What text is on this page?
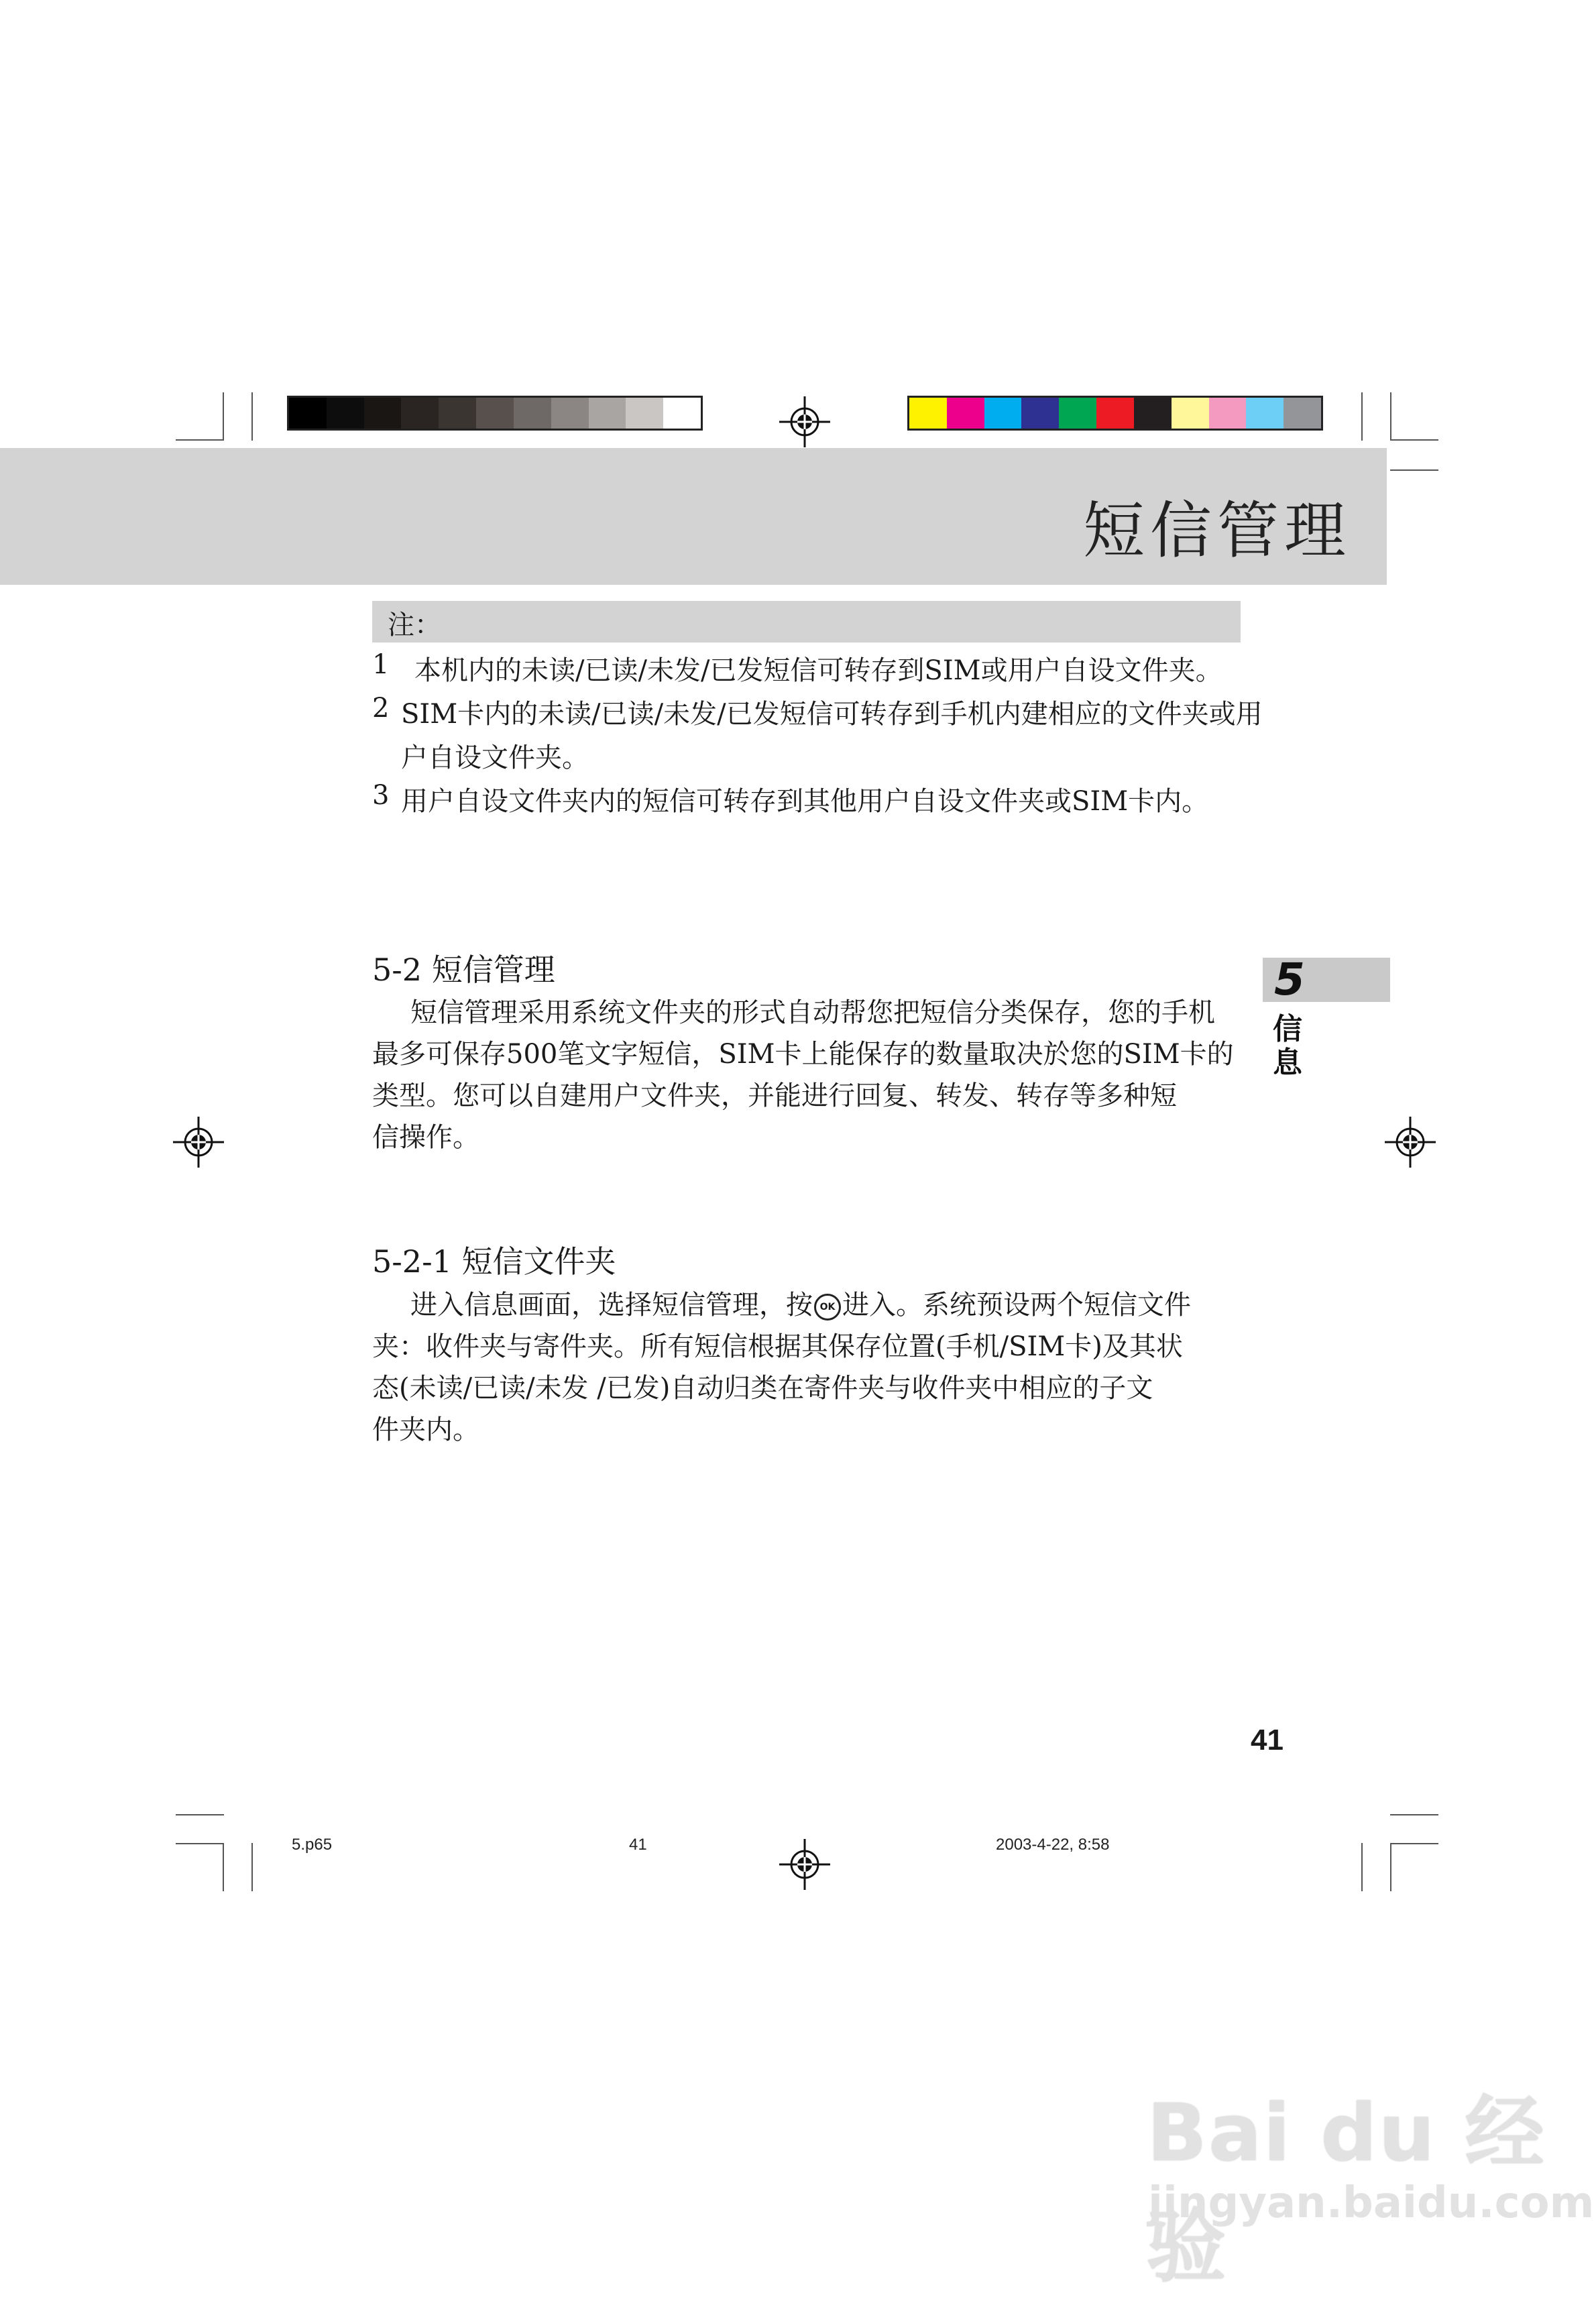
短信管理
注：
1 本机内的未读/已读/未发/已发短信可转存到SIM或用户自设文件夹。
2 SIM卡内的未读/已读/未发/已发短信可转存到手机内建相应的文件夹或用
户自设文件夹。
3 用户自设文件夹内的短信可转存到其他用户自设文件夹或SIM卡内。
5-2 短信管理
短信管理采用系统文件夹的形式自动帮您把短信分类保存，您的手机
最多可保存500笔文字短信，SIM卡上能保存的数量取决於您的SIM卡的
类型。您可以自建用户文件夹，并能进行回复、转发、转存等多种短
信操作。
5-2-1 短信文件夹
进入信息画面，选择短信管理，按 OK 进入。系统预设两个短信文件
夹：收件夹与寄件夹。所有短信根据其保存位置(手机/SIM卡)及其状
态(未读/已读/未发 /已发)自动归类在寄件夹与收件夹中相应的子文
件夹内。
5
信
息
41
5.p65	41	2003-4-22, 8:58
Bai du 经验
jingyan.baidu.com
